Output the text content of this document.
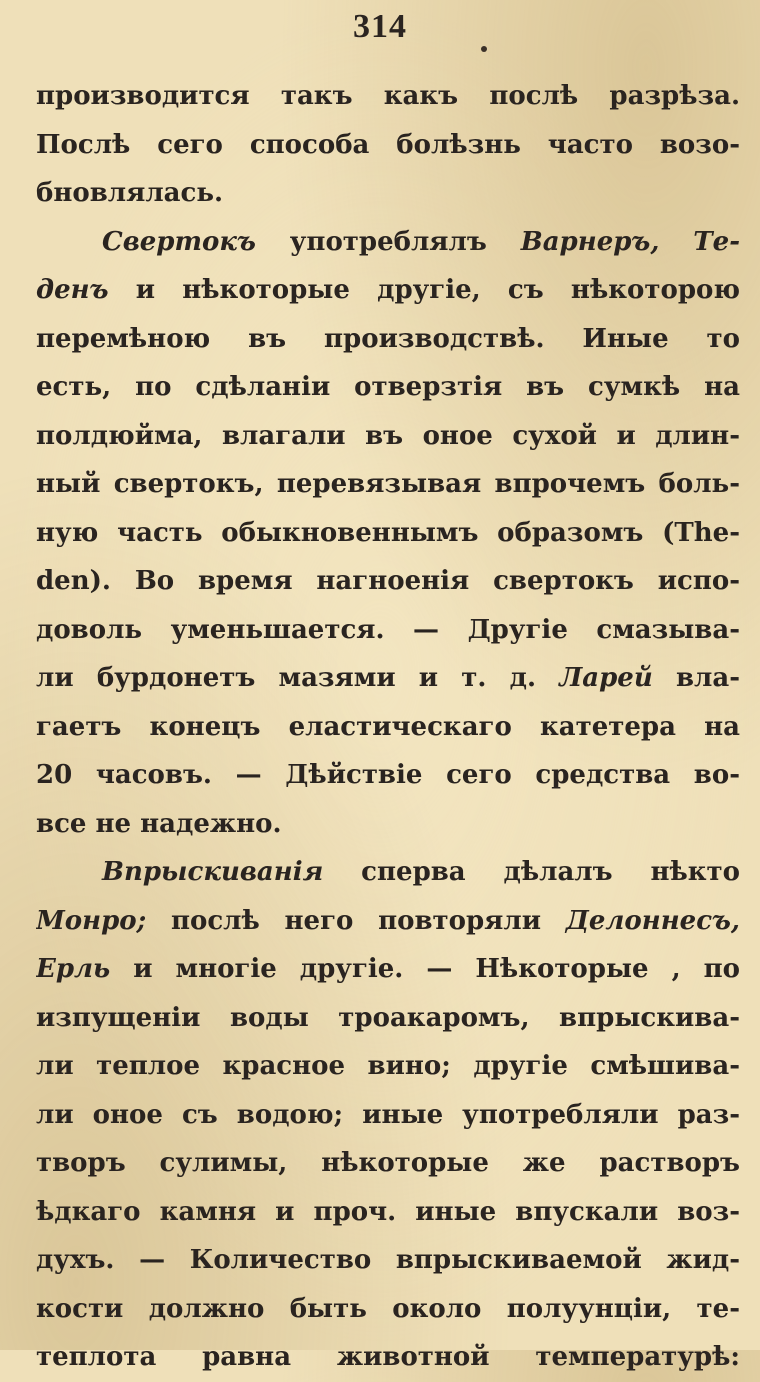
314
производится такъ какъ послѣ разрѣза.
Послѣ сего способа болѣзнь часто возо-
бновлялась.
Свертокъ употреблялъ Варнеръ, Те-
денъ и нѣкоторые другіе, съ нѣкоторою
перемѣною въ производствѣ. Иные то
есть, по сдѣланіи отверзтія въ сумкѣ на
полдюйма, влагали въ оное сухой и длин-
ный свертокъ, перевязывая впрочемъ боль-
ную часть обыкновеннымъ образомъ (The-
den). Во время нагноенія свертокъ испо-
доволь уменьшается. — Другіе смазыва-
ли бурдонетъ мазями и т. д. Ларей вла-
гаетъ конецъ еластическаго катетера на
20 часовъ. — Дѣйствіе сего средства во-
все не надежно.
Впрыскиванія сперва дѣлалъ нѣкто
Монро; послѣ него повторяли Делоннесъ,
Ерль и многіе другіе. — Нѣкоторые , по
изпущеніи воды троакаромъ, впрыскива-
ли теплое красное вино; другіе смѣшива-
ли оное съ водою; иные употребляли раз-
творъ сулимы, нѣкоторые же растворъ
ѣдкаго камня и проч. иные впускали воз-
духъ. — Количество впрыскиваемой жид-
кости должно быть около полуунціи, те-
теплота равна животной температурѣ:
